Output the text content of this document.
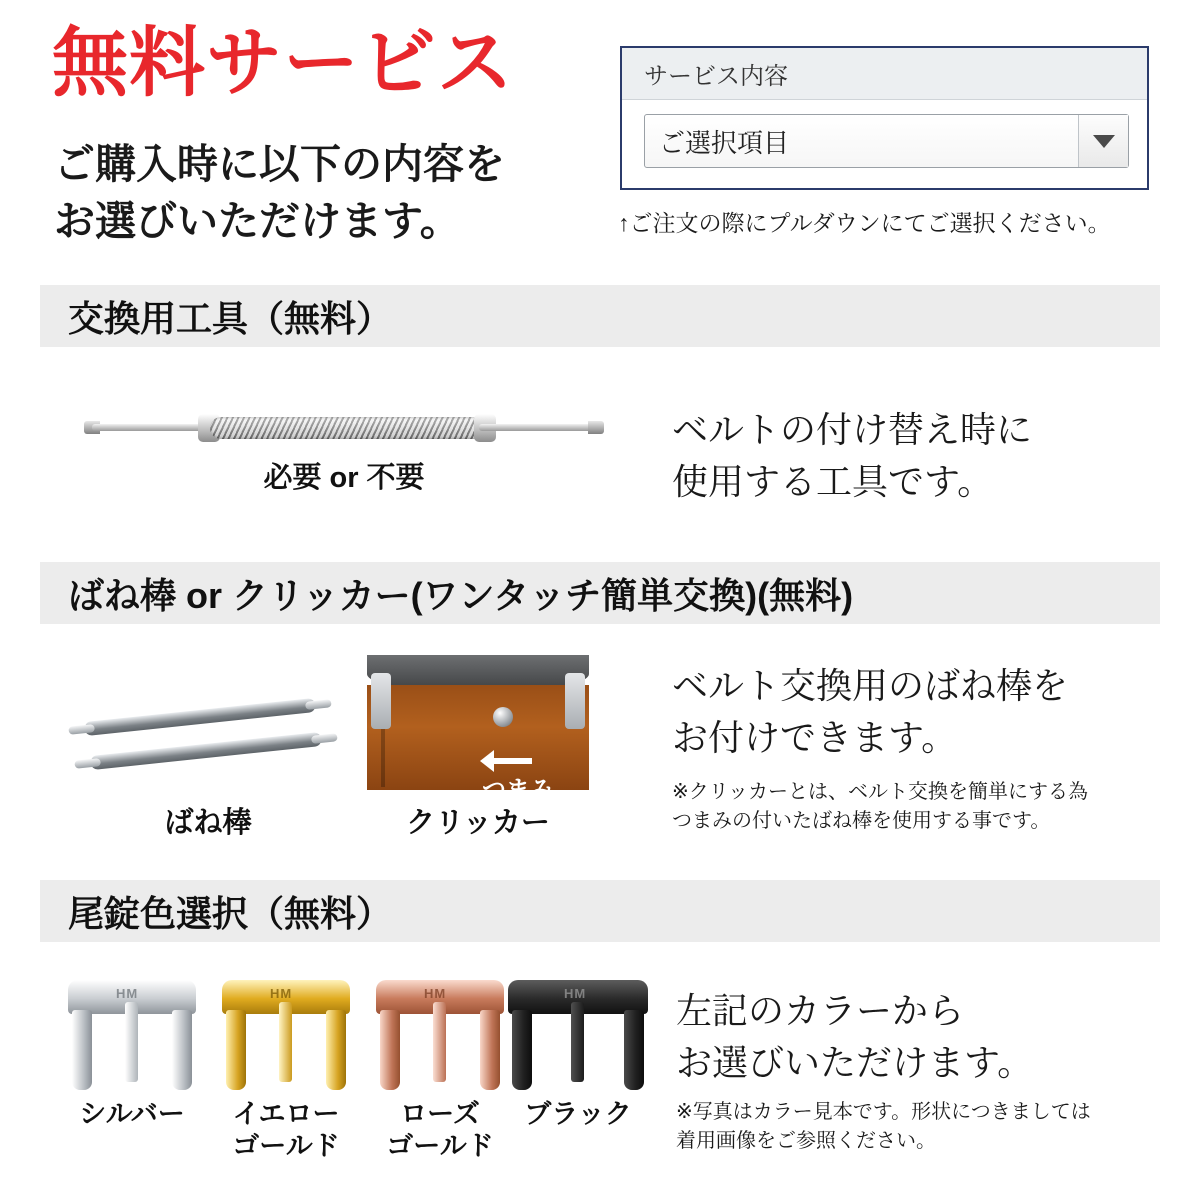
無料サービス
ご購入時に以下の内容を
お選びいただけます。
サービス内容
ご選択項目
↑ご注文の際にプルダウンにてご選択ください。
交換用工具（無料）
必要 or 不要
ベルトの付け替え時に
使用する工具です。
ばね棒 or クリッカー(ワンタッチ簡単交換)(無料)
ばね棒
つまみ
クリッカー
ベルト交換用のばね棒を
お付けできます。
※クリッカーとは、ベルト交換を簡単にする為
つまみの付いたばね棒を使用する事です。
尾錠色選択（無料）
HM	HM	HM	HM
シルバー	イエロー
ゴールド
ローズ
ゴールド
ブラック
左記のカラーから
お選びいただけます。
※写真はカラー見本です。形状につきましては
着用画像をご参照ください。
